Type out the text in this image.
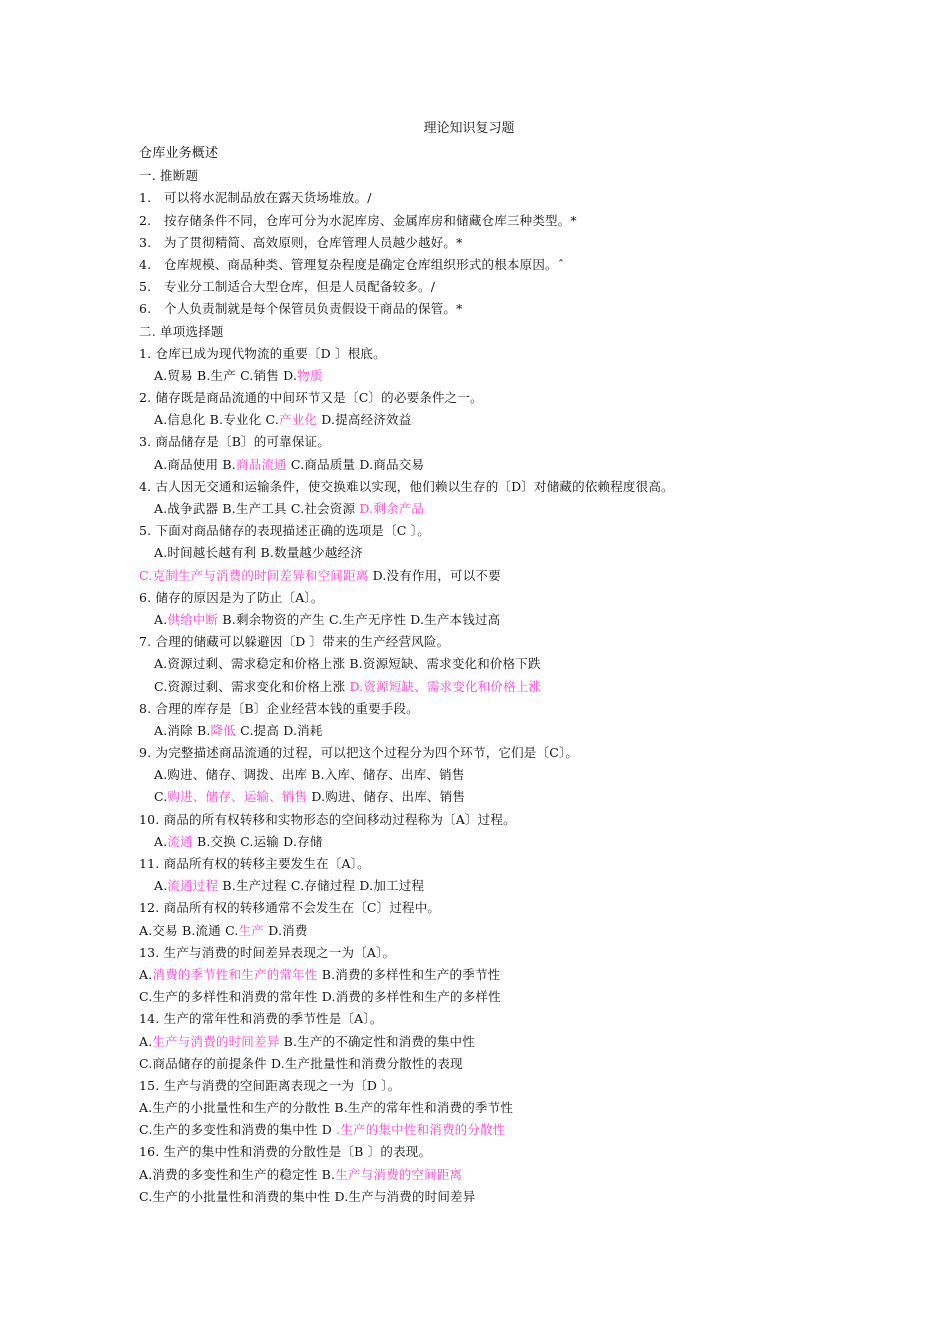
理论知识复习题
仓库业务概述
一. 推断题
1.　可以将水泥制品放在露天货场堆放。/
2.　按存储条件不同，仓库可分为水泥库房、金属库房和储藏仓库三种类型。*
3.　为了贯彻精简、高效原则，仓库管理人员越少越好。*
4.　仓库规模、商品种类、管理复杂程度是确定仓库组织形式的根本原因。ˆ
5.　专业分工制适合大型仓库，但是人员配备较多。/
6.　个人负责制就是每个保管员负责假设干商品的保管。*
二. 单项选择题
1. 仓库已成为现代物流的重要〔D 〕根底。
A.贸易 B.生产 C.销售 D.物质
2. 储存既是商品流通的中间环节又是〔C〕的必要条件之一。
A.信息化 B.专业化 C.产业化 D.提高经济效益
3. 商品储存是〔B〕的可靠保证。
A.商品使用 B.商品流通 C.商品质量 D.商品交易
4. 古人因无交通和运输条件，使交换难以实现，他们赖以生存的〔D〕对储藏的依赖程度很高。
A.战争武器 B.生产工具 C.社会资源 D.剩余产品
5. 下面对商品储存的表现描述正确的选项是〔C 〕。
A.时间越长越有利 B.数量越少越经济
C.克制生产与消费的时间差异和空间距离 D.没有作用，可以不要
6. 储存的原因是为了防止〔A〕。
A.供给中断 B.剩余物资的产生 C.生产无序性 D.生产本钱过高
7. 合理的储藏可以躲避因〔D 〕带来的生产经营风险。
A.资源过剩、需求稳定和价格上涨 B.资源短缺、需求变化和价格下跌
C.资源过剩、需求变化和价格上涨 D.资源短缺、需求变化和价格上涨
8. 合理的库存是〔B〕企业经营本钱的重要手段。
A.消除 B.降低 C.提高 D.消耗
9. 为完整描述商品流通的过程，可以把这个过程分为四个环节，它们是〔C〕。
A.购进、储存、调拨、出库 B.入库、储存、出库、销售
C.购进、储存、运输、销售 D.购进、储存、出库、销售
10. 商品的所有权转移和实物形态的空间移动过程称为〔A〕过程。
A.流通 B.交换 C.运输 D.存储
11. 商品所有权的转移主要发生在〔A〕。
A.流通过程 B.生产过程 C.存储过程 D.加工过程
12. 商品所有权的转移通常不会发生在〔C〕过程中。
A.交易 B.流通 C.生产 D.消费
13. 生产与消费的时间差异表现之一为〔A〕。
A.消费的季节性和生产的常年性 B.消费的多样性和生产的季节性
C.生产的多样性和消费的常年性 D.消费的多样性和生产的多样性
14. 生产的常年性和消费的季节性是〔A〕。
A.生产与消费的时间差异 B.生产的不确定性和消费的集中性
C.商品储存的前提条件 D.生产批量性和消费分散性的表现
15. 生产与消费的空间距离表现之一为〔D 〕。
A.生产的小批量性和生产的分散性 B.生产的常年性和消费的季节性
C.生产的多变性和消费的集中性 D .生产的集中性和消费的分散性
16. 生产的集中性和消费的分散性是〔B 〕的表现。
A.消费的多变性和生产的稳定性 B.生产与消费的空间距离
C.生产的小批量性和消费的集中性 D.生产与消费的时间差异
